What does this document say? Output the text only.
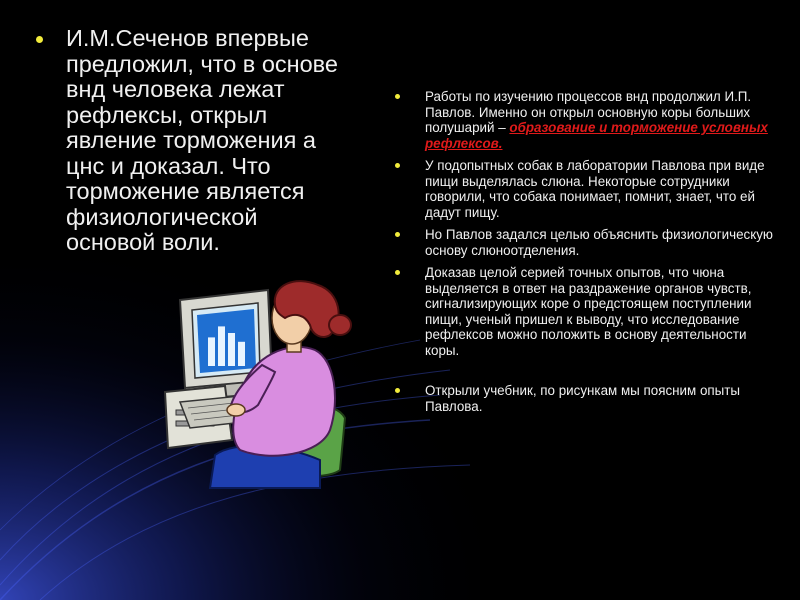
И.М.Сеченов впервые предложил, что в основе внд человека лежат рефлексы, открыл явление торможения а цнс и доказал. Что торможение является физиологической основой воли.
Работы по изучению процессов внд продолжил И.П. Павлов. Именно он открыл основную коры больших полушарий – образование и торможение условных рефлексов.
У подопытных собак в лаборатории Павлова при виде пищи выделялась слюна. Некоторые сотрудники говорили, что собака понимает, помнит, знает, что ей дадут пищу.
Но Павлов задался целью объяснить физиологическую основу слюноотделения.
Доказав целой серией точных опытов, что чюна выделяется в ответ на раздражение органов чувств, сигнализирующих коре о предстоящем поступлении пищи, ученый пришел к выводу, что исследование рефлексов можно положить в основу деятельности коры.
Открыли учебник, по рисункам мы поясним опыты Павлова.
